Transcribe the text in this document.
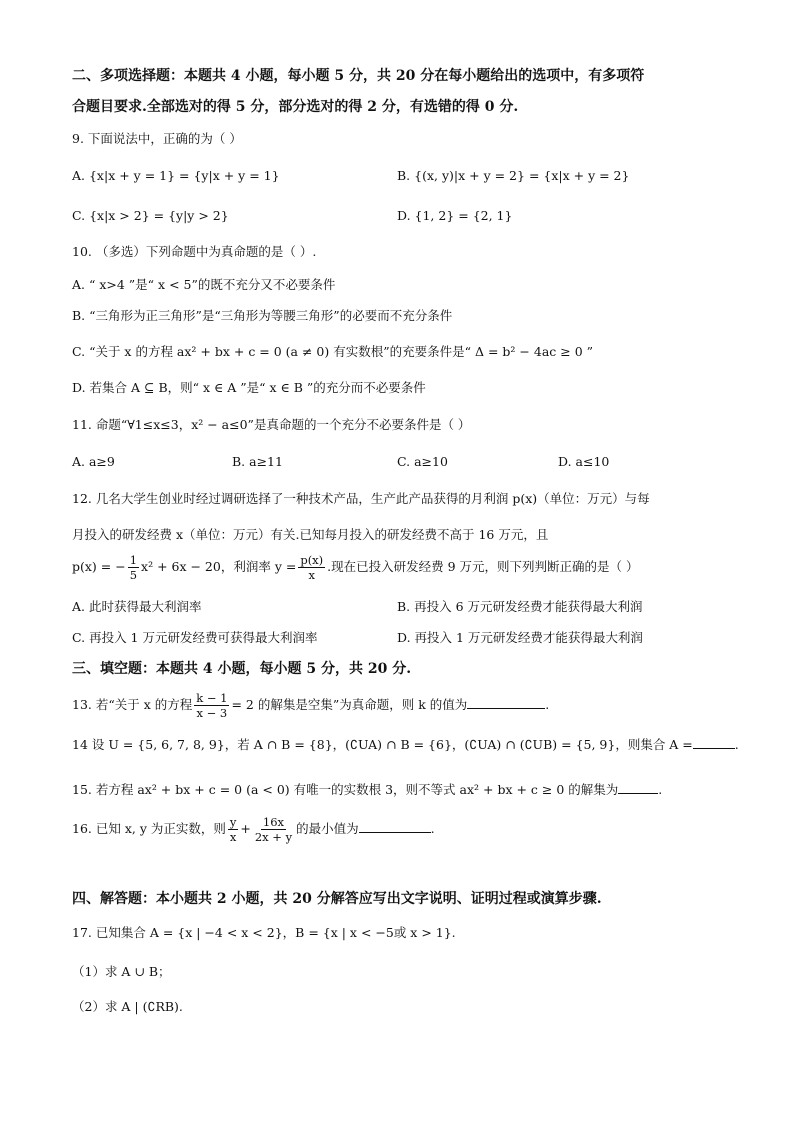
二、多项选择题：本题共 4 小题，每小题 5 分，共 20 分在每小题给出的选项中，有多项符
合题目要求.全部选对的得 5 分，部分选对的得 2 分，有选错的得 0 分.
9. 下面说法中，正确的为（ ）
A. {x|x + y = 1} = {y|x + y = 1}	B. {(x, y)|x + y = 2} = {x|x + y = 2}
C. {x|x > 2} = {y|y > 2}	D. {1, 2} = {2, 1}
10. （多选）下列命题中为真命题的是（ ）.
A. “ x>4 ”是“ x < 5”的既不充分又不必要条件
B. “三角形为正三角形”是“三角形为等腰三角形”的必要而不充分条件
C. “关于 x 的方程 ax² + bx + c = 0 (a ≠ 0) 有实数根”的充要条件是“ Δ = b² − 4ac ≥ 0 ”
D. 若集合 A ⊆ B，则“ x ∈ A ”是“ x ∈ B ”的充分而不必要条件
11. 命题“∀1≤x≤3，x² − a≤0”是真命题的一个充分不必要条件是（ ）
A. a≥9	B. a≥11	C. a≥10	D. a≤10
12. 几名大学生创业时经过调研选择了一种技术产品，生产此产品获得的月利润 p(x)（单位：万元）与每
月投入的研发经费 x（单位：万元）有关.已知每月投入的研发经费不高于 16 万元，且
p(x) = − $\frac{1}{5} x^2 + 6x - 20$，利润率 $y = \frac{p(x)}{x}$ .现在已投入研发经费 9 万元，则下列判断正确的是（ ）
A. 此时获得最大利润率	B. 再投入 6 万元研发经费才能获得最大利润
C. 再投入 1 万元研发经费可获得最大利润率	D. 再投入 1 万元研发经费才能获得最大利润
三、填空题：本题共 4 小题，每小题 5 分，共 20 分.
13. 若“关于 x 的方程 $\frac{k - 1}{x - 3} = 2$ 的解集是空集”为真命题，则 k 的值为	.
14 设 U = {5, 6, 7, 8, 9}，若 A ∩ B = {8}，(∁UA) ∩ B = {6}，(∁UA) ∩ (∁UB) = {5, 9}，则集合 A =	.
15. 若方程 ax² + bx + c = 0 (a < 0) 有唯一的实数根 3，则不等式 ax² + bx + c ≥ 0 的解集为	.
16. 已知 x, y 为正实数，则 $\frac{y}{x} + \frac{16x}{2x + y}$ 的最小值为	.
四、解答题：本小题共 2 小题，共 20 分解答应写出文字说明、证明过程或演算步骤.
17. 已知集合 A = {x | −4 < x < 2}，B = {x | x < −5或 x > 1}.
（1）求 A ∪ B；
（2）求 A | (∁RB).
